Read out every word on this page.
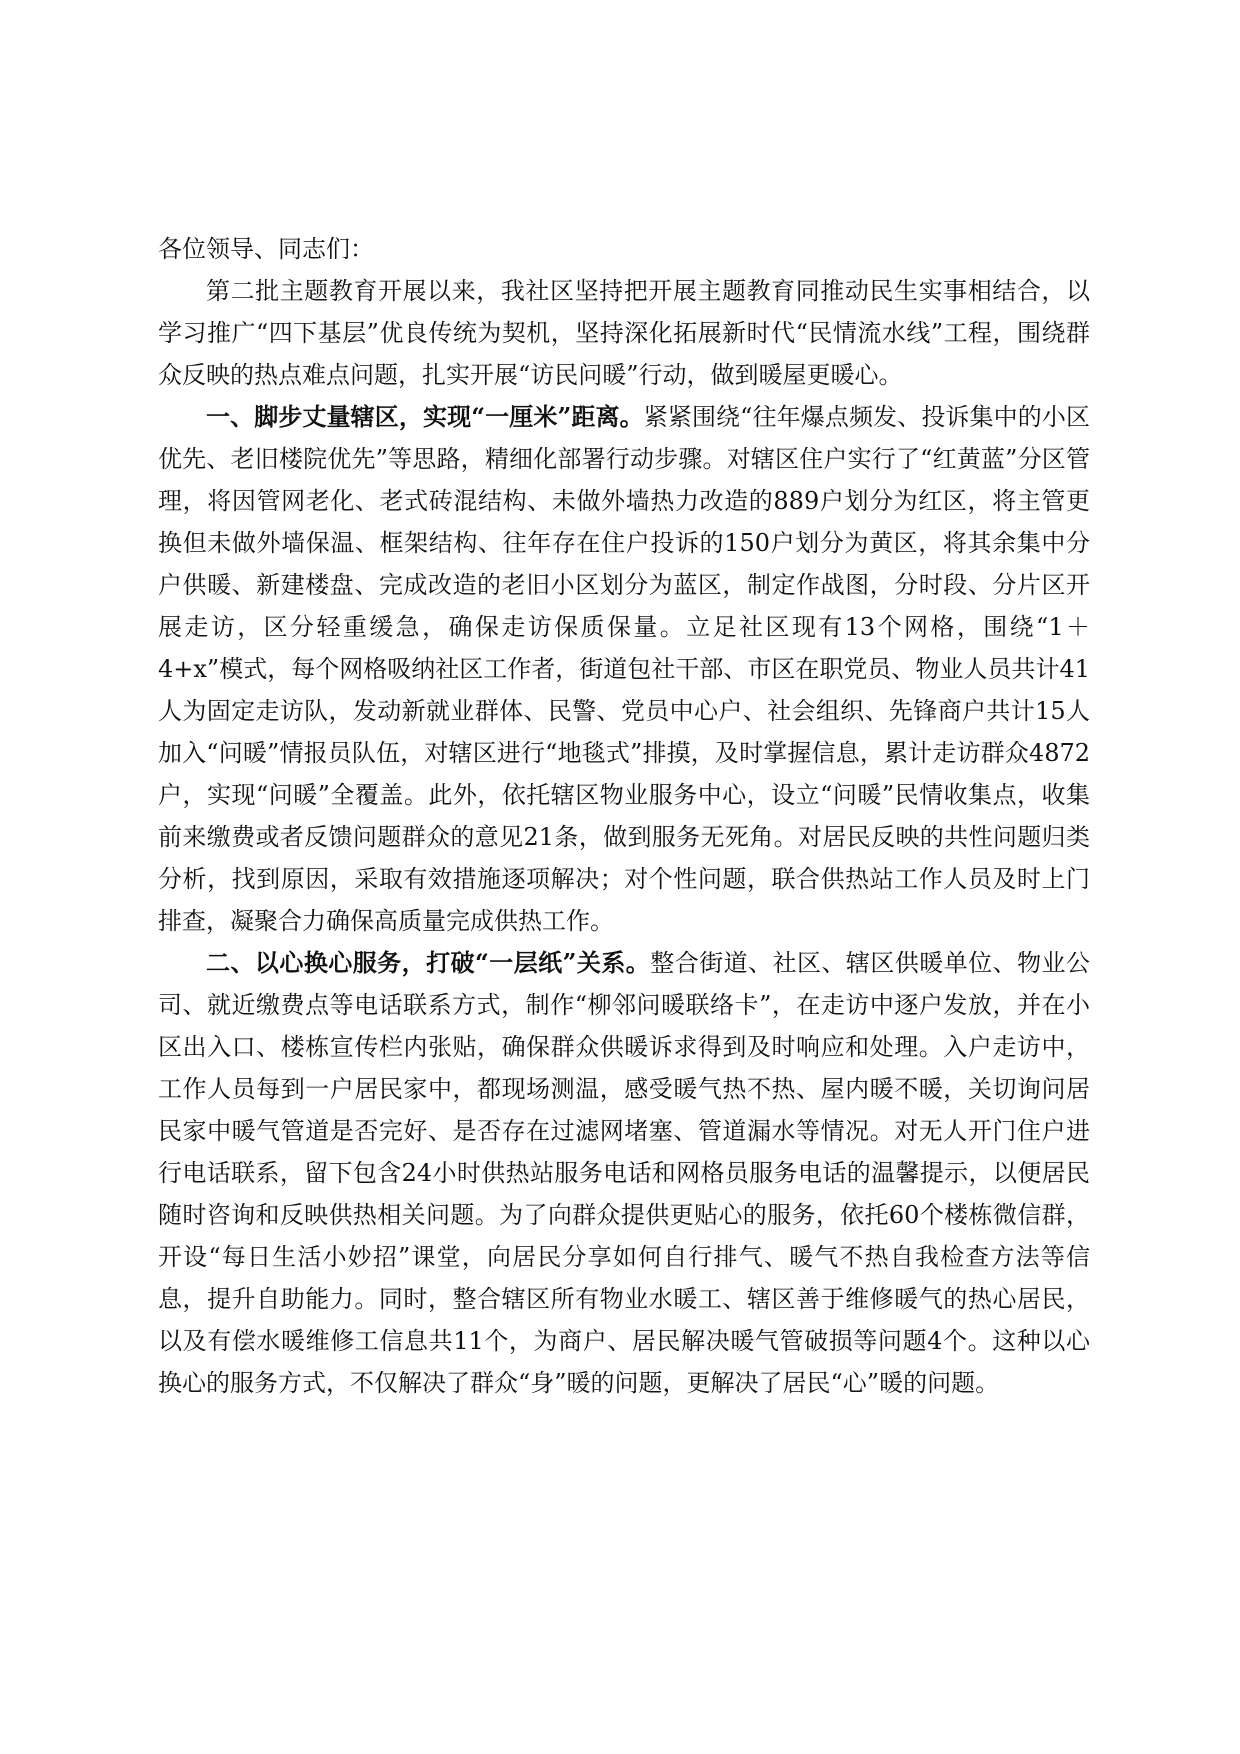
各位领导、同志们：

第二批主题教育开展以来，我社区坚持把开展主题教育同推动民生实事相结合，以学习推广“四下基层”优良传统为契机，坚持深化拓展新时代“民情流水线”工程，围绕群众反映的热点难点问题，扎实开展“访民问暖”行动，做到暖屋更暖心。

一、脚步丈量辖区，实现“一厘米”距离。紧紧围绕“往年爆点频发、投诉集中的小区优先、老旧楼院优先”等思路，精细化部署行动步骤。对辖区住户实行了“红黄蓝”分区管理，将因管网老化、老式砖混结构、未做外墙热力改造的889户划分为红区，将主管更换但未做外墙保温、框架结构、往年存在住户投诉的150户划分为黄区，将其余集中分户供暖、新建楼盘、完成改造的老旧小区划分为蓝区，制定作战图，分时段、分片区开展走访，区分轻重缓急，确保走访保质保量。立足社区现有13个网格，围绕“1＋4+x”模式，每个网格吸纳社区工作者，街道包社干部、市区在职党员、物业人员共计41人为固定走访队，发动新就业群体、民警、党员中心户、社会组织、先锋商户共计15人加入“问暖”情报员队伍，对辖区进行“地毯式”排摸，及时掌握信息，累计走访群众4872户，实现“问暖”全覆盖。此外，依托辖区物业服务中心，设立“问暖”民情收集点，收集前来缴费或者反馈问题群众的意见21条，做到服务无死角。对居民反映的共性问题归类分析，找到原因，采取有效措施逐项解决；对个性问题，联合供热站工作人员及时上门排查，凝聚合力确保高质量完成供热工作。

二、以心换心服务，打破“一层纸”关系。整合街道、社区、辖区供暖单位、物业公司、就近缴费点等电话联系方式，制作“柳邻问暖联络卡”，在走访中逐户发放，并在小区出入口、楼栋宣传栏内张贴，确保群众供暖诉求得到及时响应和处理。入户走访中，工作人员每到一户居民家中，都现场测温，感受暖气热不热、屋内暖不暖，关切询问居民家中暖气管道是否完好、是否存在过滤网堵塞、管道漏水等情况。对无人开门住户进行电话联系，留下包含24小时供热站服务电话和网格员服务电话的温馨提示，以便居民随时咨询和反映供热相关问题。为了向群众提供更贴心的服务，依托60个楼栋微信群，开设“每日生活小妙招”课堂，向居民分享如何自行排气、暖气不热自我检查方法等信息，提升自助能力。同时，整合辖区所有物业水暖工、辖区善于维修暖气的热心居民，以及有偿水暖维修工信息共11个，为商户、居民解决暖气管破损等问题4个。这种以心换心的服务方式，不仅解决了群众“身”暖的问题，更解决了居民“心”暖的问题。
